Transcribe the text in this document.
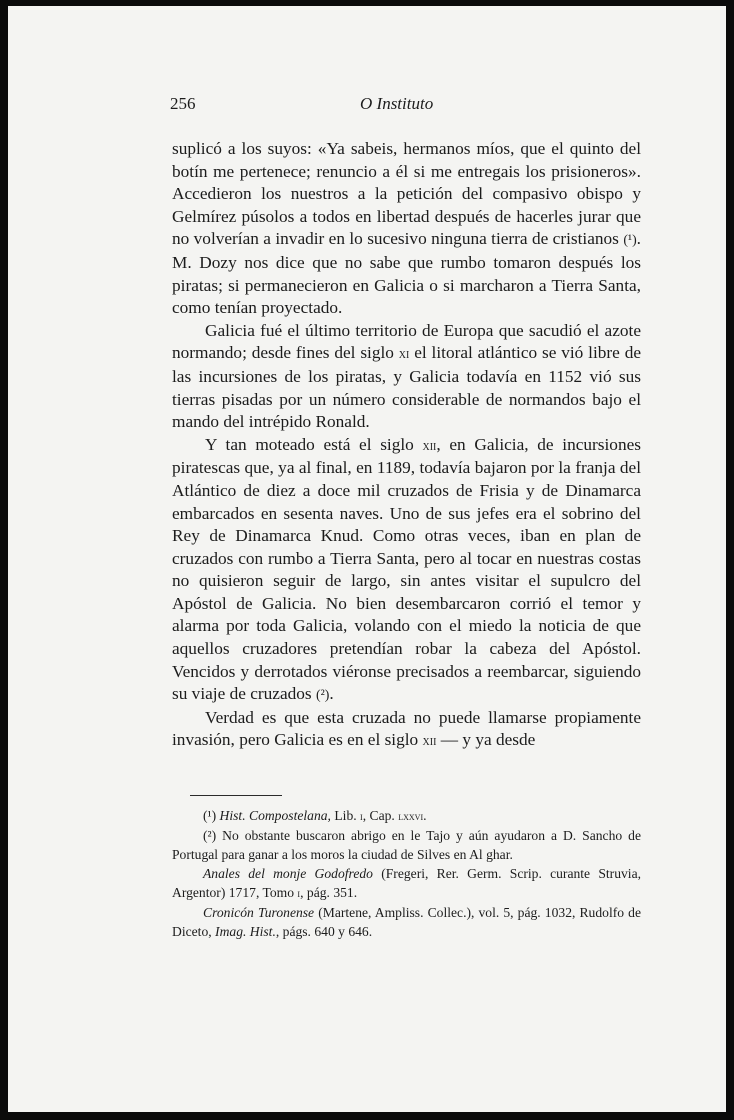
256	O Instituto

suplicó a los suyos: «Ya sabeis, hermanos míos, que el quinto del botín me pertenece; renuncio a él si me entregais los prisioneros». Accedieron los nuestros a la petición del compasivo obispo y Gelmírez púsolos a todos en libertad después de hacerles jurar que no volverían a invadir en lo sucesivo ninguna tierra de cristianos (¹). M. Dozy nos dice que no sabe que rumbo tomaron después los piratas; si permanecieron en Galicia o si marcharon a Tierra Santa, como tenían proyectado.

Galicia fué el último territorio de Europa que sacudió el azote normando; desde fines del siglo xi el litoral atlántico se vió libre de las incursiones de los piratas, y Galicia todavía en 1152 vió sus tierras pisadas por un número considerable de normandos bajo el mando del intrépido Ronald.

Y tan moteado está el siglo xii, en Galicia, de incursiones piratescas que, ya al final, en 1189, todavía bajaron por la franja del Atlántico de diez a doce mil cruzados de Frisia y de Dinamarca embarcados en sesenta naves. Uno de sus jefes era el sobrino del Rey de Dinamarca Knud. Como otras veces, iban en plan de cruzados con rumbo a Tierra Santa, pero al tocar en nuestras costas no quisieron seguir de largo, sin antes visitar el supulcro del Apóstol de Galicia. No bien desembarcaron corrió el temor y alarma por toda Galicia, volando con el miedo la noticia de que aquellos cruzadores pretendían robar la cabeza del Apóstol. Vencidos y derrotados viéronse precisados a reembarcar, siguiendo su viaje de cruzados (²).

Verdad es que esta cruzada no puede llamarse propiamente invasión, pero Galicia es en el siglo xii — y ya desde

(¹) Hist. Compostelana, Lib. i, Cap. lxxvi.

(²) No obstante buscaron abrigo en le Tajo y aún ayudaron a D. Sancho de Portugal para ganar a los moros la ciudad de Silves en Al ghar.

Anales del monje Godofredo (Fregeri, Rer. Germ. Scrip. curante Struvia, Argentor) 1717, Tomo i, pág. 351.

Cronicón Turonense (Martene, Ampliss. Collec.), vol. 5, pág. 1032, Rudolfo de Diceto, Imag. Hist., págs. 640 y 646.
